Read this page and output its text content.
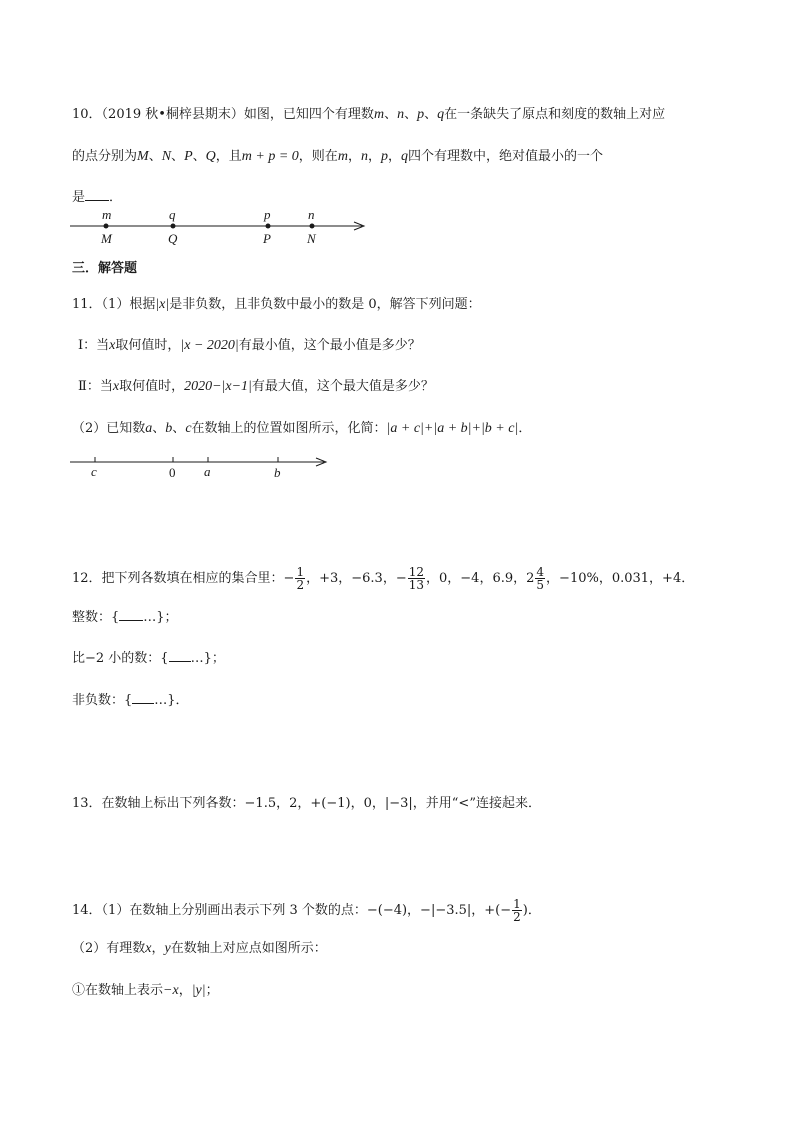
10．（2019 秋•桐梓县期末）如图，已知四个有理数m、n、p、q在一条缺失了原点和刻度的数轴上对应
的点分别为M、N、P、Q，且m + p = 0，则在m，n，p，q四个有理数中，绝对值最小的一个
是 ．
m	q	p	n
M	Q	P	N
三．解答题
11．（1）根据|x|是非负数，且非负数中最小的数是 0，解答下列问题：
Ⅰ：当x取何值时，|x − 2020|有最小值，这个最小值是多少？
Ⅱ：当x取何值时，2020−|x−1|有最大值，这个最大值是多少？
（2）已知数a、b、c在数轴上的位置如图所示，化简：|a + c|+|a + b|+|b + c|．
c	0 a	b
12．把下列各数填在相应的集合里：− $\frac{1}{2}$ ，+3，−6.3，− $\frac{12}{13}$ ，0，−4，6.9，$2 \frac{4}{5}$ ，−10%，0.031，+4．
整数：{ …}；
比−2 小的数：{ …}；
非负数：{ …}．
13．在数轴上标出下列各数：−1.5，2，+(−1)，0，|−3|，并用“<”连接起来．
14．（1）在数轴上分别画出表示下列 3 个数的点：−(−4)，−|−3.5|，+(− $\frac{1}{2}$ )．
（2）有理数x，y在数轴上对应点如图所示：
①在数轴上表示−x，|y|；
